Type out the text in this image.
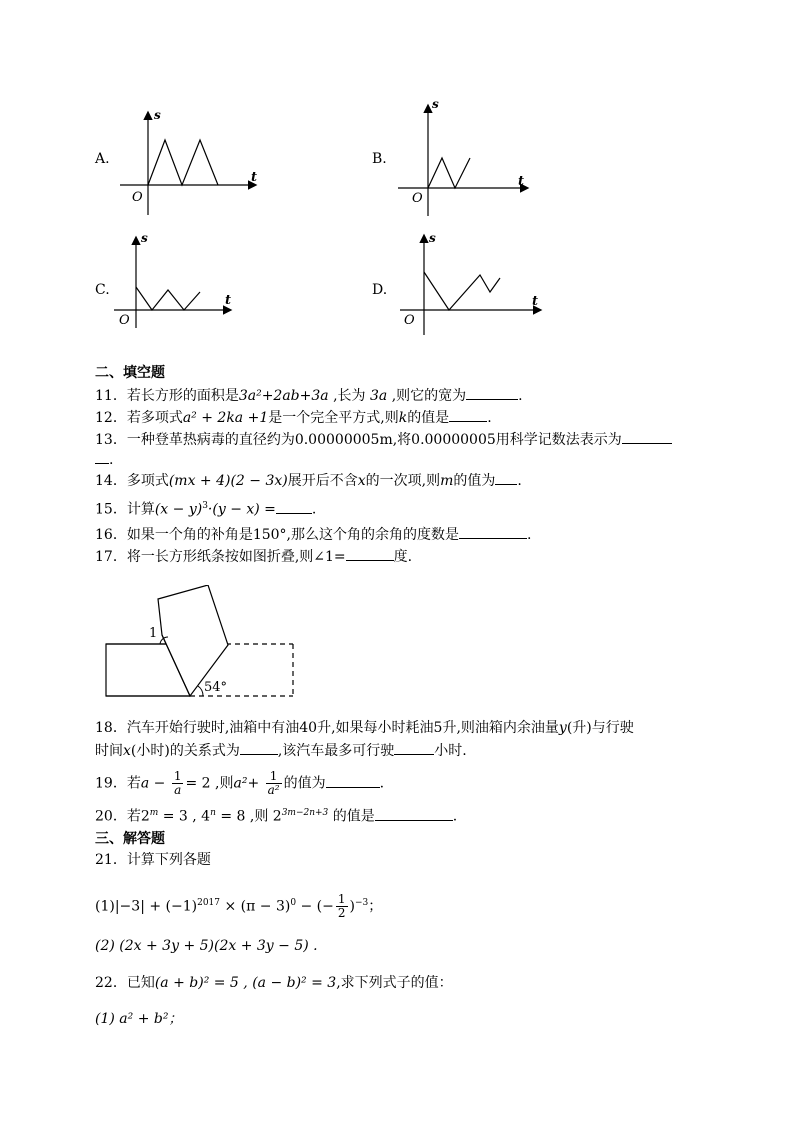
A.
s
t
O
B.
s
t
O
C.
s
t
O
D.
s
t
O
二、填空题
11．若长方形的面积是3a²+2ab+3a ,长为 3a ,则它的宽为	.
12．若多项式a² + 2ka +1是一个完全平方式,则k的值是	.
13．一种登革热病毒的直径约为0.00000005m,将0.00000005用科学记数法表示为
.
14．多项式(mx + 4)(2 − 3x)展开后不含x的一次项,则m的值为 .
15．计算$(x - y)^3\cdot(y - x)$ =	.
16．如果一个角的补角是150°,那么这个角的余角的度数是	.
17．将一长方形纸条按如图折叠,则∠1=	度.
1
54°
18．汽车开始行驶时,油箱中有油40升,如果每小时耗油5升,则油箱内余油量y(升)与行驶
时间x(小时)的关系式为	,该汽车最多可行驶	小时.
19．若$a - \frac{1}{a} = 2$ ,则$a^2+ \frac{1}{\text{a²}}$ 的值为	.
20．若$2^m = 3$ , $4^n = 8$ ,则 $2^{3m-2n+3}$ 的值是	.
三、解答题
21．计算下列各题
$(1)|-3| + (-1)^{2017} \times (\pi - 3)^0$ − (− $\frac{1}{2} )^{-3}$；
(2) (2x + 3y + 5)(2x + 3y − 5) .
22．已知(a + b)² = 5 , (a − b)² = 3,求下列式子的值：
(1) a² + b²；
